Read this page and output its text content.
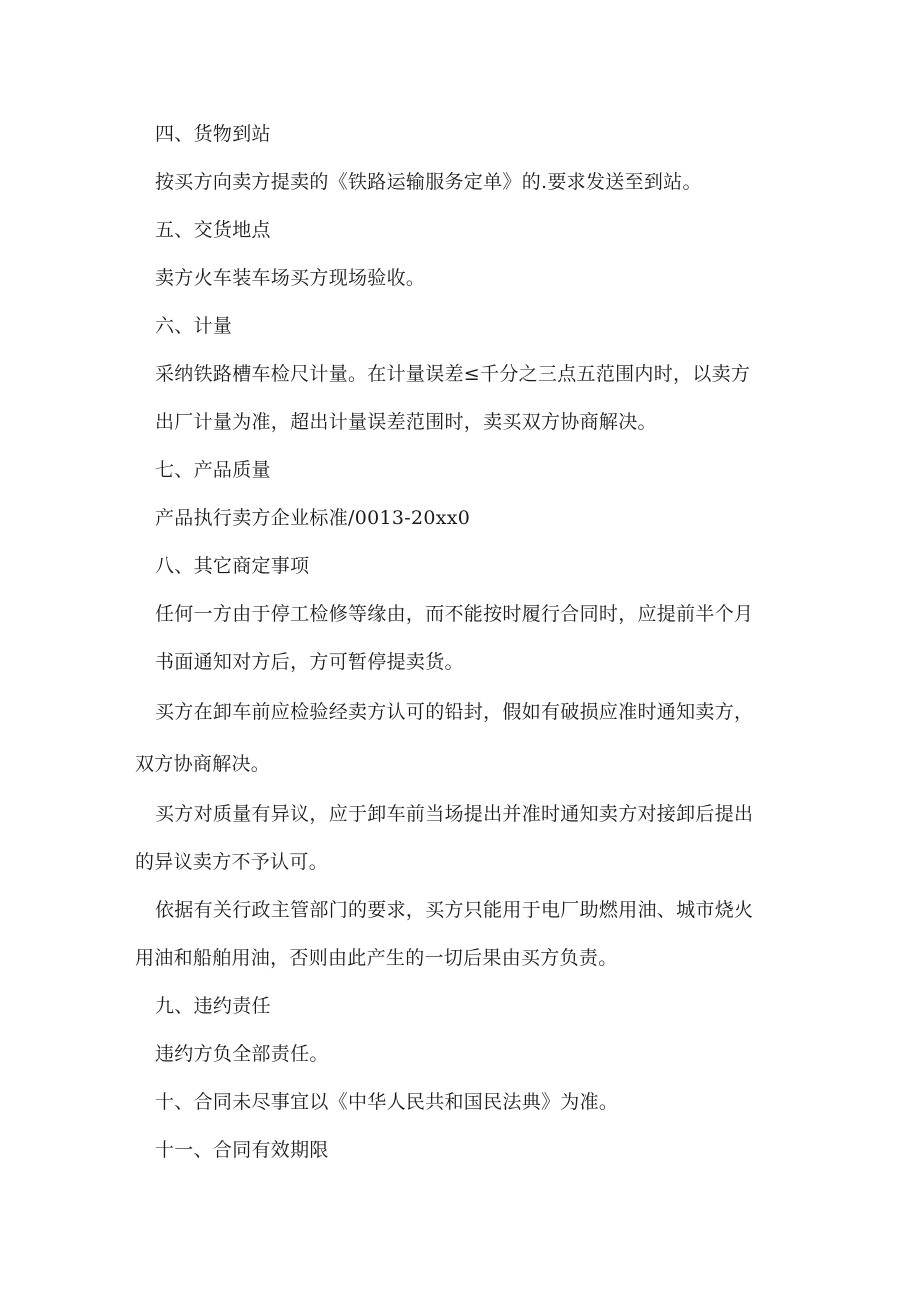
四、货物到站
按买方向卖方提卖的《铁路运输服务定单》的.要求发送至到站。
五、交货地点
卖方火车装车场买方现场验收。
六、计量
采纳铁路槽车检尺计量。在计量误差≤千分之三点五范围内时，以卖方
出厂计量为准，超出计量误差范围时，卖买双方协商解决。
七、产品质量
产品执行卖方企业标准∕0013-20xx0
八、其它商定事项
任何一方由于停工检修等缘由，而不能按时履行合同时，应提前半个月
书面通知对方后，方可暂停提卖货。
买方在卸车前应检验经卖方认可的铅封，假如有破损应准时通知卖方，
双方协商解决。
买方对质量有异议，应于卸车前当场提出并准时通知卖方对接卸后提出
的异议卖方不予认可。
依据有关行政主管部门的要求，买方只能用于电厂助燃用油、城市烧火
用油和船舶用油，否则由此产生的一切后果由买方负责。
九、违约责任
违约方负全部责任。
十、合同未尽事宜以《中华人民共和国民法典》为准。
十一、合同有效期限
